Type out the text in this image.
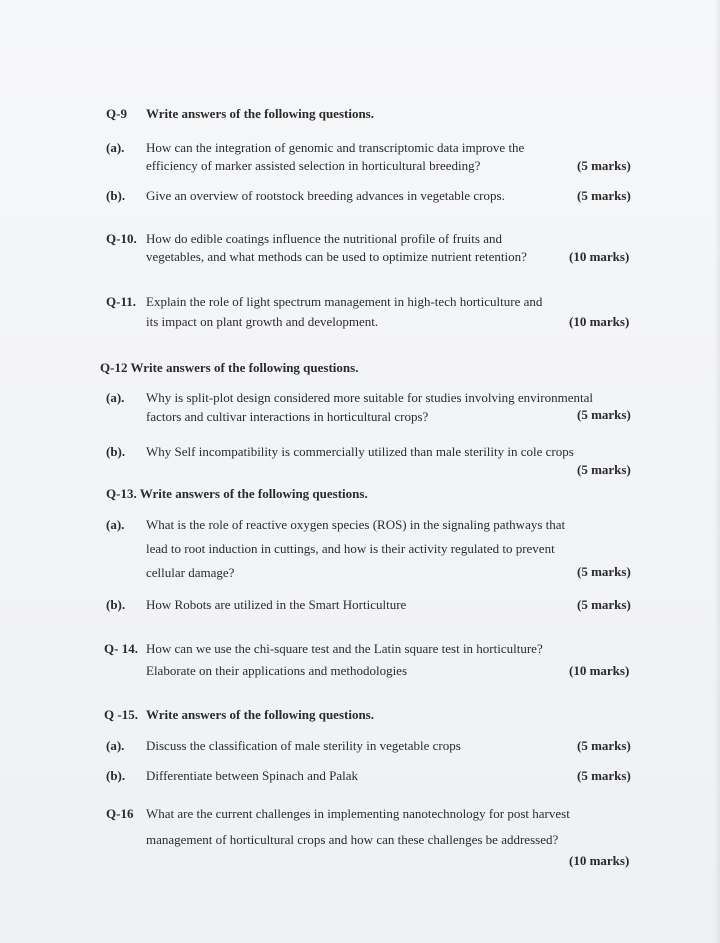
Q-9 Write answers of the following questions.
(a). How can the integration of genomic and transcriptomic data improve the
efficiency of marker assisted selection in horticultural breeding?	(5 marks)
(b). Give an overview of rootstock breeding advances in vegetable crops.	(5 marks)
Q-10. How do edible coatings influence the nutritional profile of fruits and
vegetables, and what methods can be used to optimize nutrient retention?	(10 marks)
Q-11. Explain the role of light spectrum management in high-tech horticulture and
its impact on plant growth and development.	(10 marks)
Q-12 Write answers of the following questions.
(a). Why is split-plot design considered more suitable for studies involving environmental
factors and cultivar interactions in horticultural crops?	(5 marks)
(b). Why Self incompatibility is commercially utilized than male sterility in cole crops
(5 marks)
Q-13. Write answers of the following questions.
(a). What is the role of reactive oxygen species (ROS) in the signaling pathways that
lead to root induction in cuttings, and how is their activity regulated to prevent
cellular damage?	(5 marks)
(b). How Robots are utilized in the Smart Horticulture	(5 marks)
Q- 14. How can we use the chi-square test and the Latin square test in horticulture?
Elaborate on their applications and methodologies	(10 marks)
Q -15. Write answers of the following questions.
(a). Discuss the classification of male sterility in vegetable crops	(5 marks)
(b). Differentiate between Spinach and Palak	(5 marks)
Q-16 What are the current challenges in implementing nanotechnology for post harvest
management of horticultural crops and how can these challenges be addressed?
(10 marks)
